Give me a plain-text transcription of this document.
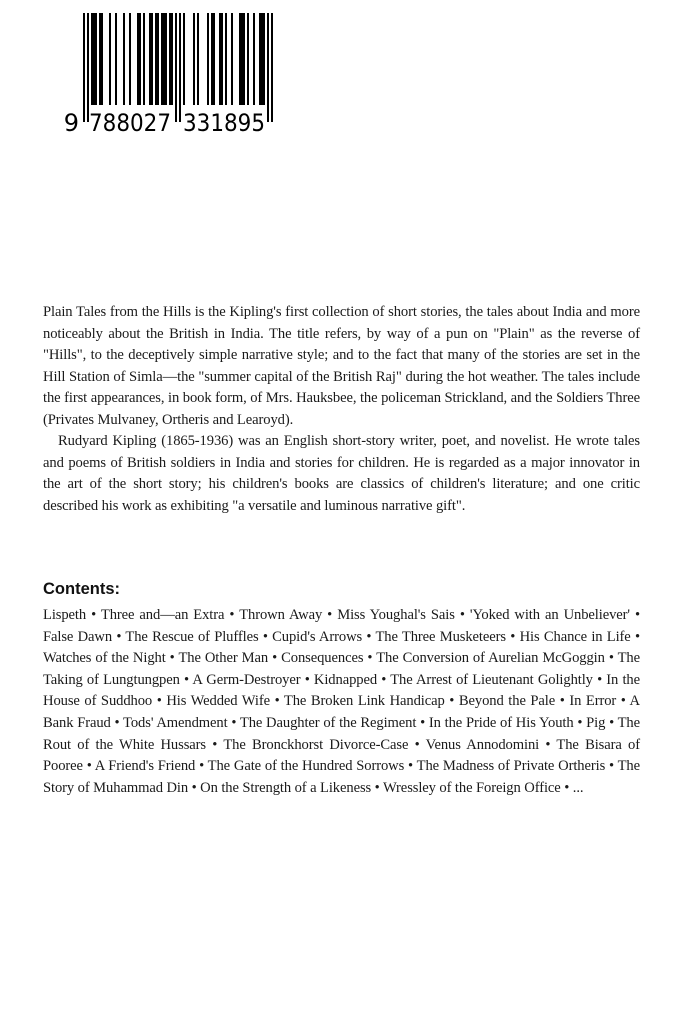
9 788027 331895

Plain Tales from the Hills is the Kipling's first collection of short stories, the tales about India and more noticeably about the British in India. The title refers, by way of a pun on "Plain" as the reverse of "Hills", to the deceptively simple narrative style; and to the fact that many of the stories are set in the Hill Station of Simla—the "summer capital of the British Raj" during the hot weather. The tales include the first appearances, in book form, of Mrs. Hauksbee, the policeman Strickland, and the Soldiers Three (Privates Mulvaney, Ortheris and Learoyd).

Rudyard Kipling (1865-1936) was an English short-story writer, poet, and novelist. He wrote tales and poems of British soldiers in India and stories for children. He is regarded as a major innovator in the art of the short story; his children's books are classics of children's literature; and one critic described his work as exhibiting "a versatile and luminous narrative gift".

Contents:
Lispeth • Three and—an Extra • Thrown Away • Miss Youghal's Sais • 'Yoked with an Unbeliever' • False Dawn • The Rescue of Pluffles • Cupid's Arrows • The Three Musketeers • His Chance in Life • Watches of the Night • The Other Man • Consequences • The Conversion of Aurelian McGoggin • The Taking of Lungtungpen • A Germ-Destroyer • Kidnapped • The Arrest of Lieutenant Golightly • In the House of Suddhoo • His Wedded Wife • The Broken Link Handicap • Beyond the Pale • In Error • A Bank Fraud • Tods' Amendment • The Daughter of the Regiment • In the Pride of His Youth • Pig • The Rout of the White Hussars • The Bronckhorst Divorce-Case • Venus Annodomini • The Bisara of Pooree • A Friend's Friend • The Gate of the Hundred Sorrows • The Madness of Private Ortheris • The Story of Muhammad Din • On the Strength of a Likeness • Wressley of the Foreign Office • ...
